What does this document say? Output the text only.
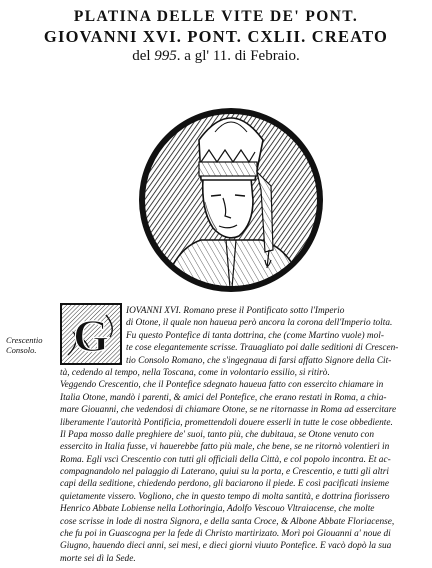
PLATINA DELLE VITE DE' PONT.
GIOVANNI XVI. PONT. CXLII. CREATO
del 995. a gl' 11. di Febraio.
Crescentio
Consolo. G	IOVANNI XVI. Romano prese il Pontificato sotto l'Imperio
di Otone, il quale non haueua però ancora la corona dell'Imperio tolta.
Fu questo Pontefice di tanta dottrina, che (come Martino vuole) mol-
te cose elegantemente scrisse. Trauagliato poi dalle seditioni di Crescen-
tio Consolo Romano, che s'ingegnaua di farsi affatto Signore della Cit-
tà, cedendo al tempo, nella Toscana, come in volontario essilio, si ritirò.
Veggendo Crescentio, che il Pontefice sdegnato haueua fatto con essercito chiamare in
Italia Otone, mandò i parenti, & amici del Pontefice, che erano restati in Roma, a chia-
mare Giouanni, che vedendosi di chiamare Otone, se ne ritornasse in Roma ad essercitare
liberamente l'autorità Pontificia, promettendoli douere esserli in tutte le cose obbediente.
Il Papa mosso dalle preghiere de' suoi, tanto più, che dubitaua, se Otone venuto con
essercito in Italia fusse, vi hauerebbe fatto più male, che bene, se ne ritornò volentieri in
Roma. Egli vscì Crescentio con tutti gli officiali della Città, e col popolo incontra. Et ac-
compagnandolo nel palaggio di Laterano, quiui su la porta, e Crescentio, e tutti gli altri
capi della seditione, chiedendo perdono, gli baciarono il piede. E così pacificati insieme
quietamente vissero. Vogliono, che in questo tempo di molta santità, e dottrina fiorissero
Henrico Abbate Lobiense nella Lothoringia, Adolfo Vescouo Vltraiacense, che molte
cose scrisse in lode di nostra Signora, e della santa Croce, & Albone Abbate Floriacense,
che fu poi in Guascogna per la fede di Christo martirizato. Morì poi Giouanni a' noue di
Giugno, hauendo dieci anni, sei mesi, e dieci giorni viuuto Pontefice. E vacò dopò la sua
morte sei dì la Sede.
